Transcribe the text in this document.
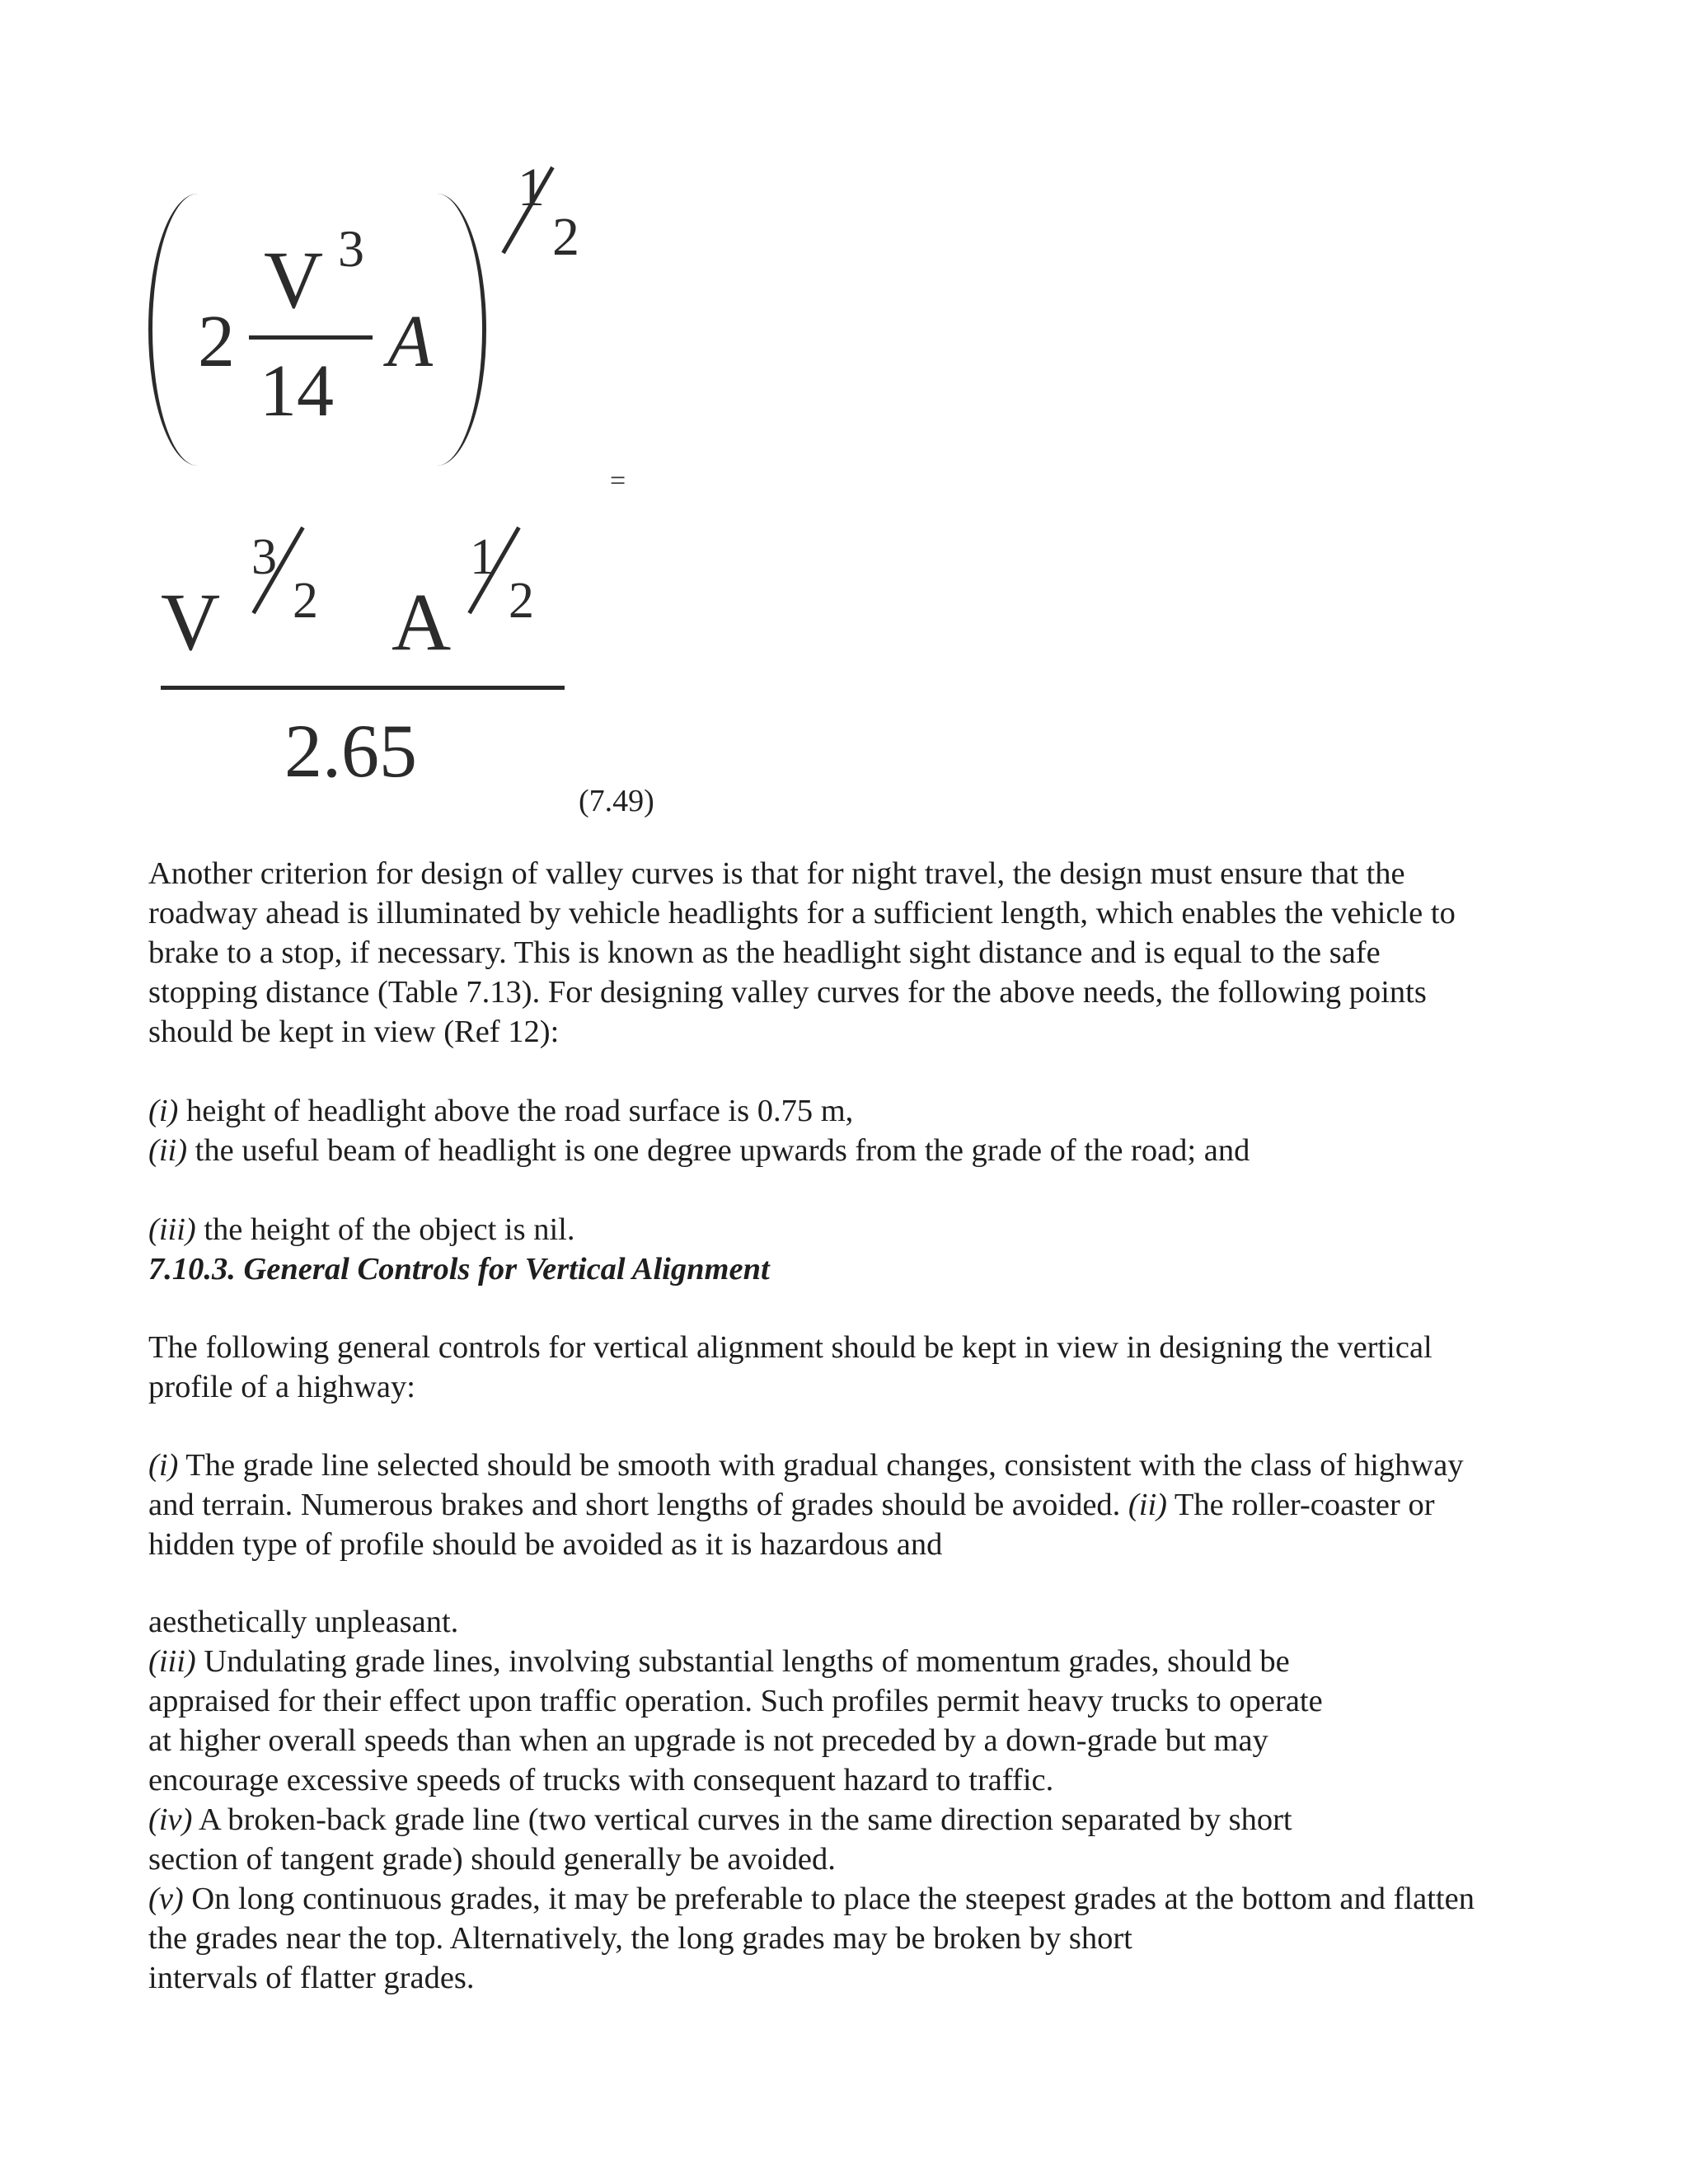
2
V 3
14
A
1
2
=
V
3
2 A
1
2
2.65
(7.49)

Another criterion for design of valley curves is that for night travel, the design must ensure that the

roadway ahead is illuminated by vehicle headlights for a sufficient length, which enables the vehicle to

brake to a stop, if necessary. This is known as the headlight sight distance and is equal to the safe

stopping distance (Table 7.13). For designing valley curves for the above needs, the following points

should be kept in view (Ref 12):

(i) height of headlight above the road surface is 0.75 m,

(ii) the useful beam of headlight is one degree upwards from the grade of the road; and

(iii) the height of the object is nil.

7.10.3. General Controls for Vertical Alignment

The following general controls for vertical alignment should be kept in view in designing the vertical

profile of a highway:

(i) The grade line selected should be smooth with gradual changes, consistent with the class of highway

and terrain. Numerous brakes and short lengths of grades should be avoided. (ii) The roller-coaster or

hidden type of profile should be avoided as it is hazardous and

aesthetically unpleasant.

(iii) Undulating grade lines, involving substantial lengths of momentum grades, should be

appraised for their effect upon traffic operation. Such profiles permit heavy trucks to operate

at higher overall speeds than when an upgrade is not preceded by a down-grade but may

encourage excessive speeds of trucks with consequent hazard to traffic.

(iv) A broken-back grade line (two vertical curves in the same direction separated by short

section of tangent grade) should generally be avoided.

(v) On long continuous grades, it may be preferable to place the steepest grades at the bottom and flatten

the grades near the top. Alternatively, the long grades may be broken by short

intervals of flatter grades.
